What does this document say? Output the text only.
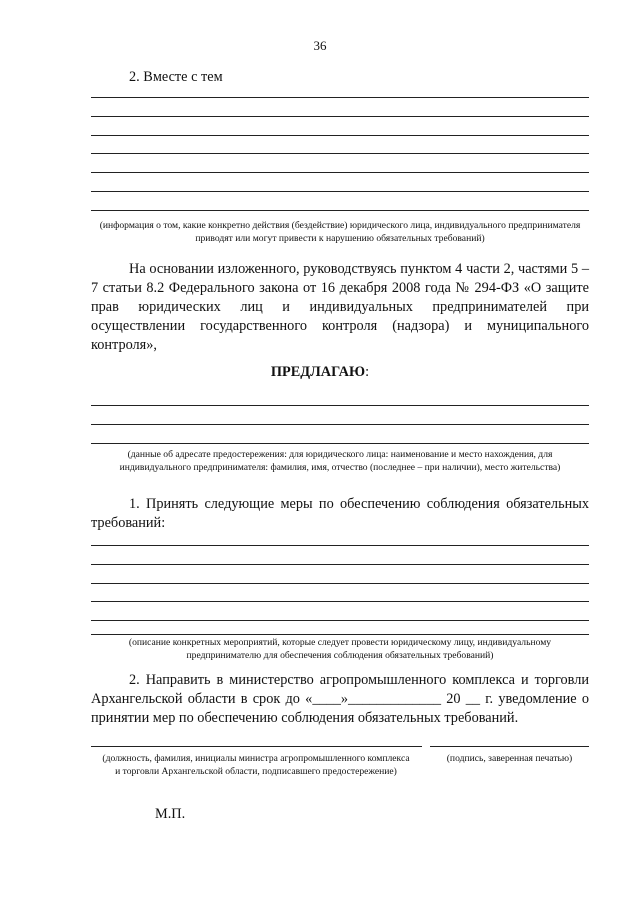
36
2. Вместе с тем
(информация о том, какие конкретно действия (бездействие) юридического лица, индивидуального предпринимателя приводят или могут привести к нарушению обязательных требований)
На основании изложенного, руководствуясь пунктом 4 части 2, частями 5 – 7 статьи 8.2 Федерального закона от 16 декабря 2008 года № 294-ФЗ «О защите прав юридических лиц и индивидуальных предпринимателей при осуществлении государственного контроля (надзора) и муниципального контроля»,
ПРЕДЛАГАЮ:
(данные об адресате предостережения: для юридического лица: наименование и место нахождения, для индивидуального предпринимателя: фамилия, имя, отчество (последнее – при наличии), место жительства)
1. Принять следующие меры по обеспечению соблюдения обязательных требований:
(описание конкретных мероприятий, которые следует провести юридическому лицу, индивидуальному предпринимателю для обеспечения соблюдения обязательных требований)
2. Направить в министерство агропромышленного комплекса и торговли Архангельской области в срок до «____»_____________ 20 __ г. уведомление о принятии мер по обеспечению соблюдения обязательных требований.
(должность, фамилия, инициалы министра агропромышленного комплекса и торговли Архангельской области, подписавшего предостережение)
(подпись, заверенная печатью)
М.П.
